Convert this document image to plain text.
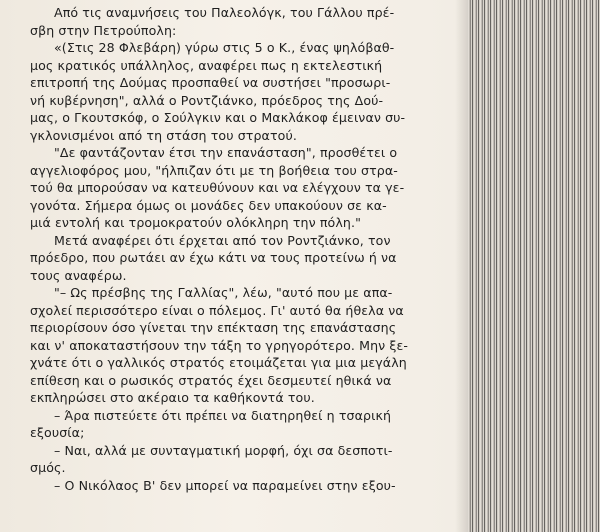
Από τις αναμνήσεις του Παλεολόγκ, του Γάλλου πρέ-
σβη στην Πετρούπολη:
«(Στις 28 Φλεβάρη) γύρω στις 5 ο Κ., ένας ψηλόβαθ-
μος κρατικός υπάλληλος, αναφέρει πως η εκτελεστική
επιτροπή της Δούμας προσπαθεί να συστήσει "προσωρι-
νή κυβέρνηση", αλλά ο Ροντζιάνκο, πρόεδρος της Δού-
μας, ο Γκουτσκόφ, ο Σούλγκιν και ο Μακλάκοφ έμειναν συ-
γκλονισμένοι από τη στάση του στρατού.
"Δε φαντάζονταν έτσι την επανάσταση", προσθέτει ο
αγγελιοφόρος μου, "ήλπιζαν ότι με τη βοήθεια του στρα-
τού θα μπορούσαν να κατευθύνουν και να ελέγχουν τα γε-
γονότα. Σήμερα όμως οι μονάδες δεν υπακούουν σε κα-
μιά εντολή και τρομοκρατούν ολόκληρη την πόλη."
Μετά αναφέρει ότι έρχεται από τον Ροντζιάνκο, τον
πρόεδρο, που ρωτάει αν έχω κάτι να τους προτείνω ή να
τους αναφέρω.
"– Ως πρέσβης της Γαλλίας", λέω, "αυτό που με απα-
σχολεί περισσότερο είναι ο πόλεμος. Γι' αυτό θα ήθελα να
περιορίσουν όσο γίνεται την επέκταση της επανάστασης
και ν' αποκαταστήσουν την τάξη το γρηγορότερο. Μην ξε-
χνάτε ότι ο γαλλικός στρατός ετοιμάζεται για μια μεγάλη
επίθεση και ο ρωσικός στρατός έχει δεσμευτεί ηθικά να
εκπληρώσει στο ακέραιο τα καθήκοντά του.
– Άρα πιστεύετε ότι πρέπει να διατηρηθεί η τσαρική
εξουσία;
– Ναι, αλλά με συνταγματική μορφή, όχι σα δεσποτι-
σμός.
– Ο Νικόλαος Β' δεν μπορεί να παραμείνει στην εξου-
